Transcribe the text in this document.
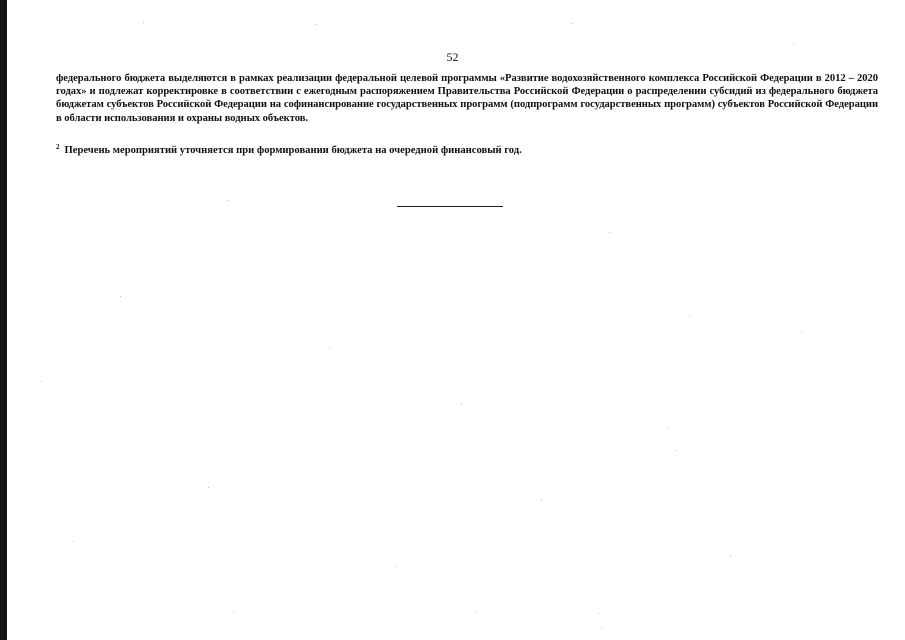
52

федерального бюджета выделяются в рамках реализации федеральной целевой программы «Развитие водохозяйственного комплекса Российской Федерации в 2012 – 2020 годах» и подлежат корректировке в соответствии с ежегодным распоряжением Правительства Российской Федерации о распределении субсидий из федерального бюджета бюджетам субъектов Российской Федерации на софинансирование государственных программ (подпрограмм государственных программ) субъектов Российской Федерации в области использования и охраны водных объектов.

$^2$ Перечень мероприятий уточняется при формировании бюджета на очередной финансовый год.
